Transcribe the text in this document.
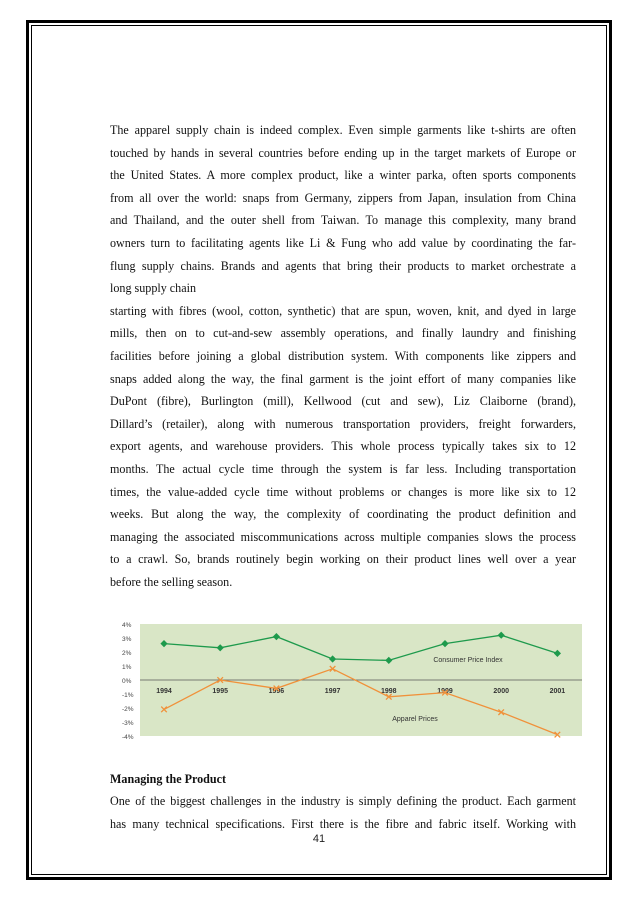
The apparel supply chain is indeed complex. Even simple garments like t-shirts are often

touched by hands in several countries before ending up in the target markets of Europe or

the United States. A more complex product, like a winter parka, often sports components

from all over the world: snaps from Germany, zippers from Japan, insulation from China

and Thailand, and the outer shell from Taiwan. To manage this complexity, many brand

owners turn to facilitating agents like Li & Fung who add value by coordinating the far-

flung supply chains. Brands and agents that bring their products to market orchestrate a

long supply chain

starting with fibres (wool, cotton, synthetic) that are spun, woven, knit, and dyed in large

mills, then on to cut-and-sew assembly operations, and finally laundry and finishing

facilities before joining a global distribution system. With components like zippers and

snaps added along the way, the final garment is the joint effort of many companies like

DuPont (fibre), Burlington (mill), Kellwood (cut and sew), Liz Claiborne (brand),

Dillard’s (retailer), along with numerous transportation providers, freight forwarders,

export agents, and warehouse providers. This whole process typically takes six to 12

months. The actual cycle time through the system is far less. Including transportation

times, the value-added cycle time without problems or changes is more like six to 12

weeks. But along the way, the complexity of coordinating the product definition and

managing the associated miscommunications across multiple companies slows the process

to a crawl. So, brands routinely begin working on their product lines well over a year

before the selling season.

4%
3%
2%
1%
0%
-1%
-2%
-3%
-4%
1994	1995	1996	1997	1998	1999	2000	2001
Consumer Price Index
Apparel Prices
Managing the Product

One of the biggest challenges in the industry is simply defining the product. Each garment

has many technical specifications. First there is the fibre and fabric itself. Working with

41
